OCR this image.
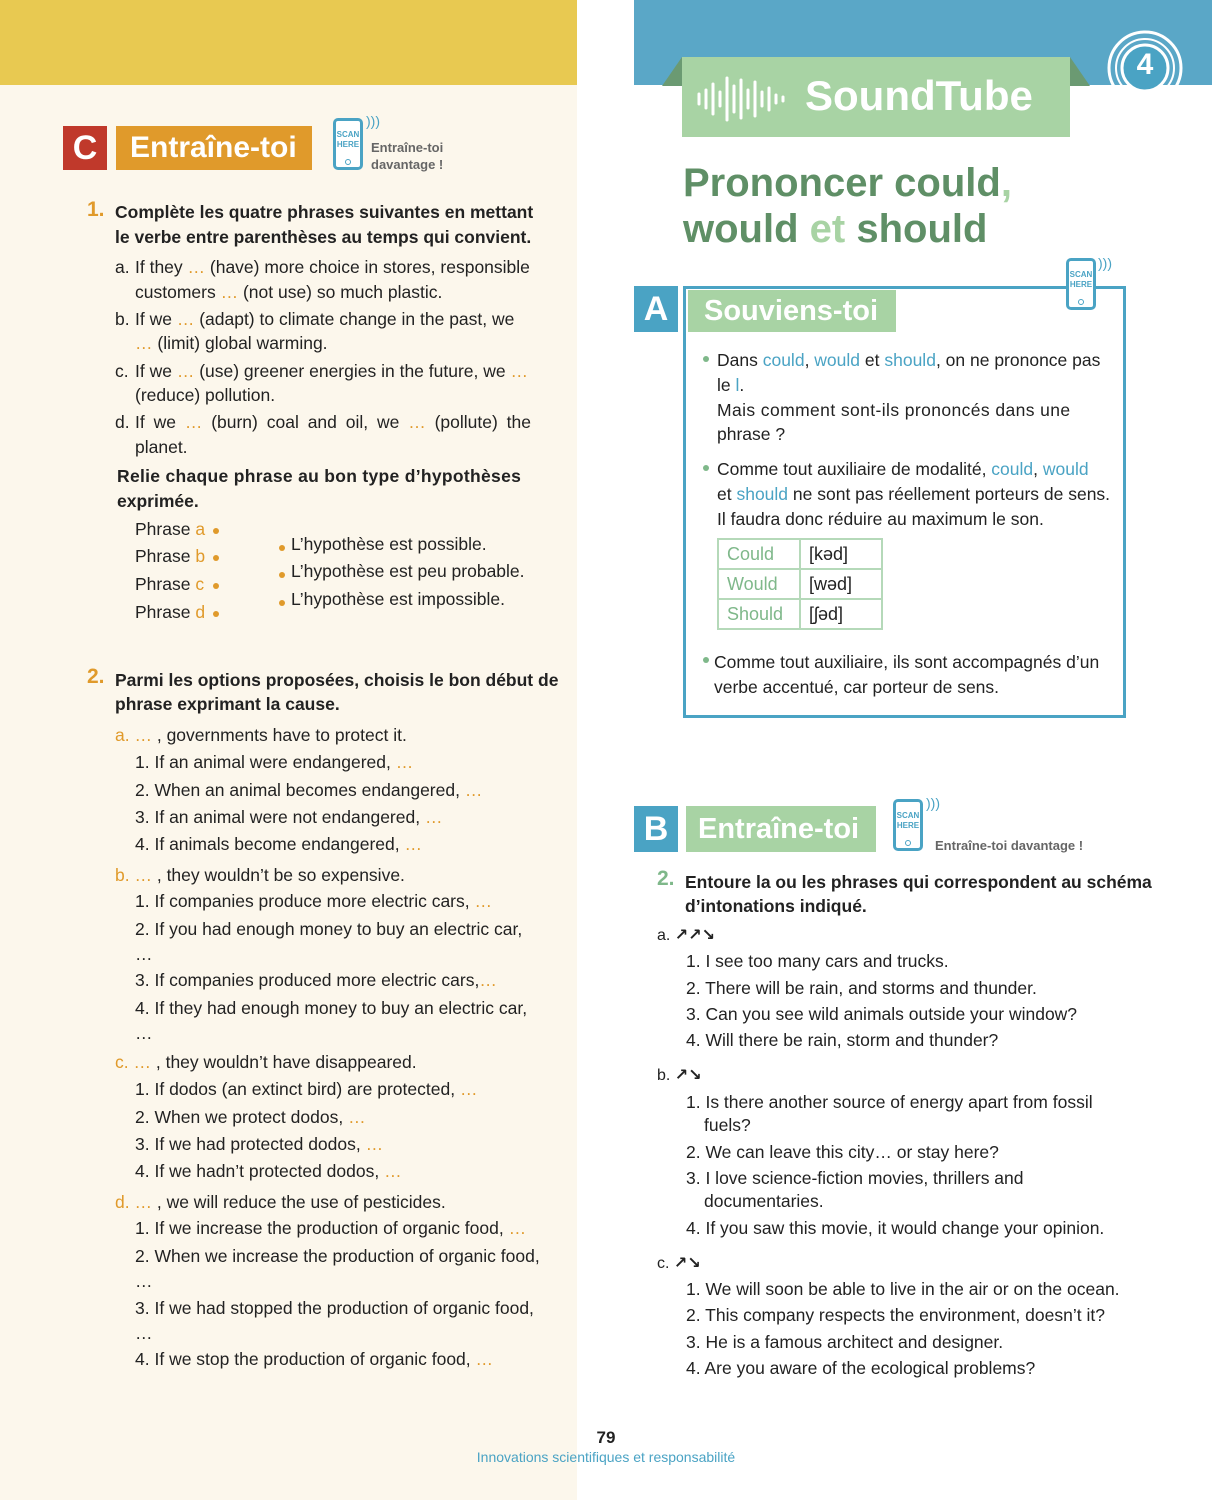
C	Entraîne-toi	SCAN HERE
)))
Entraîne-toi
davantage !
1. Complète les quatre phrases suivantes en mettant
le verbe entre parenthèses au temps qui convient.
a. If they … (have) more choice in stores, responsible
customers … (not use) so much plastic.
b. If we … (adapt) to climate change in the past, we
… (limit) global warming.
c. If we … (use) greener energies in the future, we …
(reduce) pollution.
d. If we … (burn) coal and oil, we … (pollute) the
planet.
Relie chaque phrase au bon type d’hypothèses
exprimée.
Phrase a
Phrase b
Phrase c
Phrase d
L’hypothèse est possible.
L’hypothèse est peu probable.
L’hypothèse est impossible.
2. Parmi les options proposées, choisis le bon début de
phrase exprimant la cause.
a. … , governments have to protect it.
1. If an animal were endangered, …
2. When an animal becomes endangered, …
3. If an animal were not endangered, …
4. If animals become endangered, …
b. … , they wouldn’t be so expensive.
1. If companies produce more electric cars, …
2. If you had enough money to buy an electric car,
…
3. If companies produced more electric cars,…
4. If they had enough money to buy an electric car,
…
c. … , they wouldn’t have disappeared.
1. If dodos (an extinct bird) are protected, …
2. When we protect dodos, …
3. If we had protected dodos, …
4. If we hadn’t protected dodos, …
d. … , we will reduce the use of pesticides.
1. If we increase the production of organic food, …
2. When we increase the production of organic food,
…
3. If we had stopped the production of organic food,
…
4. If we stop the production of organic food, …
SoundTube
4
Prononcer could,
would et should
A	Souviens-toi
SCAN HERE
)))
Dans could, would et should, on ne prononce pas
le l.
Mais comment sont-ils prononcés dans une
phrase ?
Comme tout auxiliaire de modalité, could, would
et should ne sont pas réellement porteurs de sens.
Il faudra donc réduire au maximum le son.
Could	[kəd]
Would	[wəd]
Should	[ʃəd]
Comme tout auxiliaire, ils sont accompagnés d’un
verbe accentué, car porteur de sens.
B	Entraîne-toi	SCAN HERE
)))
Entraîne-toi davantage !
2. Entoure la ou les phrases qui correspondent au schéma
d’intonations indiqué.
a. ↗↗↘
1. I see too many cars and trucks.
2. There will be rain, and storms and thunder.
3. Can you see wild animals outside your window?
4. Will there be rain, storm and thunder?
b. ↗↘
1. Is there another source of energy apart from fossil
fuels?
2. We can leave this city… or stay here?
3. I love science-fiction movies, thrillers and
documentaries.
4. If you saw this movie, it would change your opinion.
c. ↗↘
1. We will soon be able to live in the air or on the ocean.
2. This company respects the environment, doesn’t it?
3. He is a famous architect and designer.
4. Are you aware of the ecological problems?
79
Innovations scientifiques et responsabilité
